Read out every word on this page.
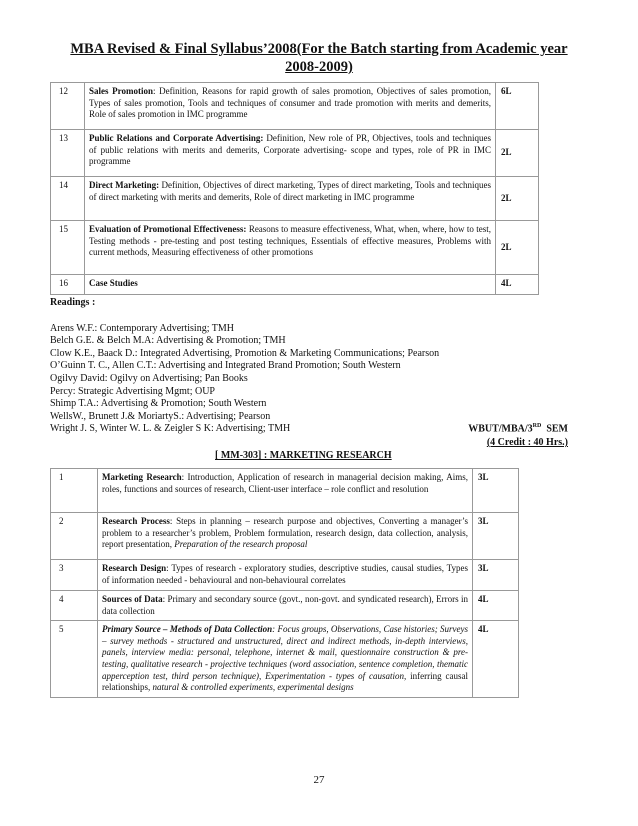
MBA Revised & Final Syllabus’2008(For the Batch starting from Academic year
2008-2009)
12	Sales Promotion: Definition, Reasons for rapid growth of sales promotion, Objectives of sales promotion, Types of sales promotion, Tools and techniques of consumer and trade promotion with merits and demerits, Role of sales promotion in IMC programme	6L
13	Public Relations and Corporate Advertising: Definition, New role of PR, Objectives, tools and techniques of public relations with merits and demerits, Corporate advertising- scope and types, role of PR in IMC programme	2L
14	Direct Marketing: Definition, Objectives of direct marketing, Types of direct marketing, Tools and techniques of direct marketing with merits and demerits, Role of direct marketing in IMC programme	2L
15	Evaluation of Promotional Effectiveness: Reasons to measure effectiveness, What, when, where, how to test, Testing methods - pre-testing and post testing techniques, Essentials of effective measures, Problems with current methods, Measuring effectiveness of other promotions	2L
16	Case Studies	4L
Readings :
Arens W.F.: Contemporary Advertising; TMH
Belch G.E. & Belch M.A: Advertising & Promotion; TMH
Clow K.E., Baack D.: Integrated Advertising, Promotion & Marketing Communications; Pearson
O’Guinn T. C., Allen C.T.: Advertising and Integrated Brand Promotion; South Western
Ogilvy David: Ogilvy on Advertising; Pan Books
Percy: Strategic Advertising Mgmt; OUP
Shimp T.A.: Advertising & Promotion; South Western
WellsW., Brunett J.& MoriartyS.: Advertising; Pearson
Wright J. S, Winter W. L. & Zeigler S K: Advertising; TMH	WBUT/MBA/3RD  SEM
(4 Credit : 40 Hrs.)
[ MM-303] : MARKETING RESEARCH
1	Marketing Research: Introduction, Application of research in managerial decision making, Aims, roles, functions and sources of research, Client-user interface – role conflict and resolution	3L
2	Research Process: Steps in planning – research purpose and objectives, Converting a manager’s problem to a researcher’s problem, Problem formulation, research design, data collection, analysis, report presentation, Preparation of the research proposal	3L
3	Research Design: Types of research - exploratory studies, descriptive studies, causal studies, Types of information needed - behavioural and non-behavioural correlates	3L
4	Sources of Data: Primary and secondary source (govt., non-govt. and syndicated research), Errors in data collection	4L
5	Primary Source – Methods of Data Collection: Focus groups, Observations, Case histories; Surveys – survey methods - structured and unstructured, direct and indirect methods, in-depth interviews, panels, interview media: personal, telephone, internet & mail, questionnaire construction & pre-testing, qualitative research - projective techniques (word association, sentence completion, thematic apperception test, third person technique), Experimentation - types of causation, inferring causal relationships, natural & controlled experiments, experimental designs	4L
27
